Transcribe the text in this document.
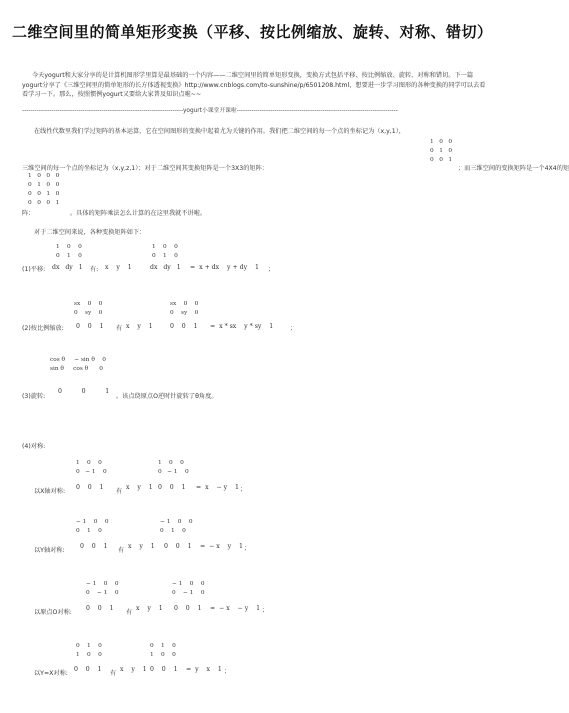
二维空间里的简单矩形变换（平移、按比例缩放、旋转、对称、错切）
今天yogurt和大家分享的是计算机图形学里算是最基础的一个内容——二维空间里的简单矩形变换，变换方式包括平移、按比例缩放、旋转、对称和错切。下一篇yogurt分享了《三维空间里的简单矩形的长方体透视变换》http://www.cnblogs.com/to-sunshine/p/6501208.html，想要进一步学习图形的各种变换的同学可以去看看学习一下。那么，按照惯例yogurt又要给大家普及知识点啦~~
-----------------------------------------------------------------------------yogurt小课堂开课啦-----------------------------------------------------------------------------
在线性代数里我们学过矩阵的基本运算，它在空间图形的变换中起着尤为关键的作用。我们把二维空间的每一个点的坐标记为（x,y,1），
1   0   0
0   1   0
0   0   1
三维空间的每一个点的坐标记为（x,y,z,1）；对于二维空间其变换矩阵是一个3X3的矩阵：	；而三维空间的变换矩阵是一个4X4的矩
1   0   0   0
0   1   0   0
0   0   1   0
0   0   0   1
阵：	。具体的矩阵乘法怎么计算的在这里我就不讲啦。
对于二维空间来说，各种变换矩阵如下：
1    0    0
0    1    0
(1)平移: dx   dy   1 有: x    y    1
1    0    0
0    1    0
dx   dy   1 =  x + dx    y + dy    1 ；
sx    0    0
0    sy    0
(2)按比例缩放: 0    0    1 有 x    y    1
sx    0    0
0    sy    0
0    0    1 =  x * sx    y * sy    1	；
cos θ     − sin θ    0
sin θ     cos θ      0
(3)旋转:
0          0          1
。该点绕原点O逆时针旋转了θ角度。
(4)对称:
1    0    0
0   − 1    0
以X轴对称:
0    0    1
有
x    y    1
1    0    0
0   − 1    0
0    0    1 =  x    − y    1 ；
− 1    0    0
0    1    0
以Y轴对称:
0    0    1
有
x    y    1
− 1    0    0
0    1    0
0    0    1 =  − x    y    1 ；
− 1    0    0
0    − 1    0
以原点O对称:
0    0    1
有
x    y    1
− 1    0    0
0    − 1    0
0    0    1 =  − x    − y    1 ；
0    1    0
1    0    0
以Y=X对称:
0    0    1
有
x    y    1
0    1    0
1    0    0
0    0    1 =  y    x    1 ；
